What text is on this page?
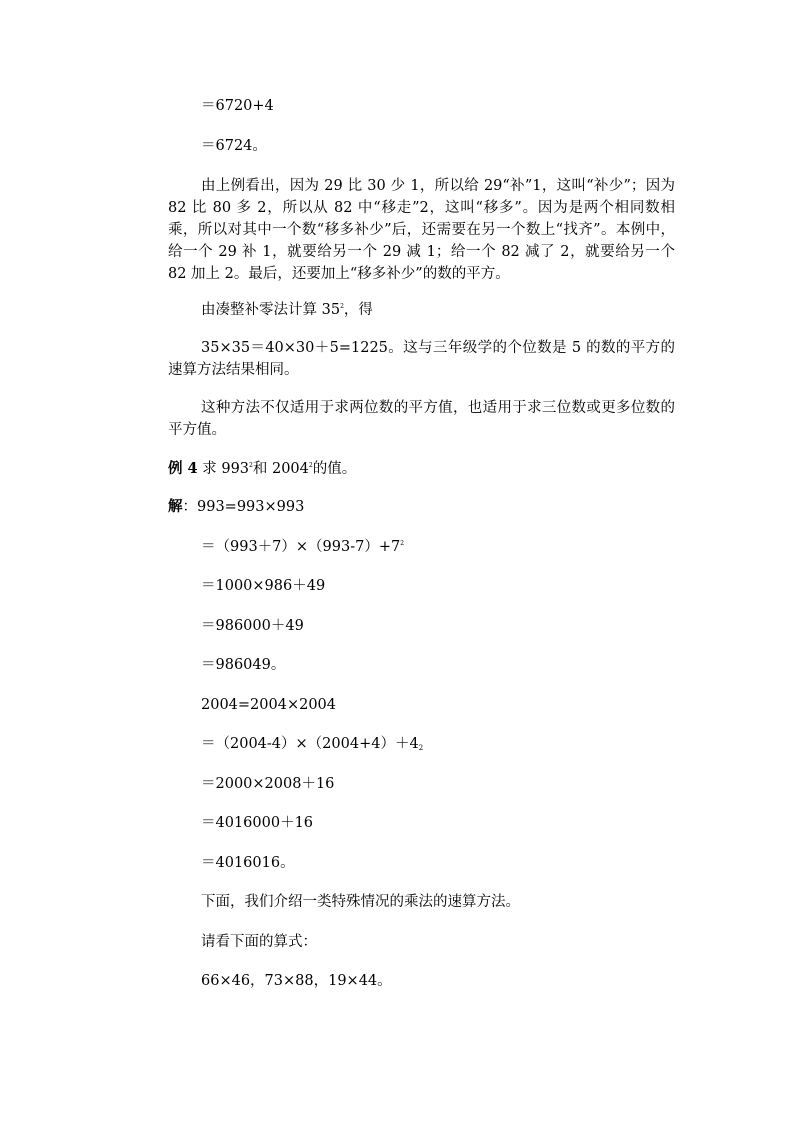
＝6720+4

＝6724。

由上例看出，因为 29 比 30 少 1，所以给 29“补”1，这叫“补少”；因为 82 比 80 多 2，所以从 82 中“移走”2，这叫“移多”。因为是两个相同数相乘，所以对其中一个数“移多补少”后，还需要在另一个数上“找齐”。本例中，给一个 29 补 1，就要给另一个 29 减 1；给一个 82 减了 2，就要给另一个 82 加上 2。最后，还要加上“移多补少”的数的平方。

由凑整补零法计算 $35^2$，得

35×35＝40×30＋5=1225。这与三年级学的个位数是 5 的数的平方的速算方法结果相同。

这种方法不仅适用于求两位数的平方值，也适用于求三位数或更多位数的平方值。

例 4 求 $993^2$和 2004$^2$的值。

解：993=993×993

$=(993+7)\times(993-7)+7^2$

＝1000×986＋49

＝986000＋49

＝986049。

2004=2004×2004

$=(2004-4)\times(2004+4)+4_2$

＝2000×2008＋16

＝4016000＋16

＝4016016。

下面，我们介绍一类特殊情况的乘法的速算方法。

请看下面的算式：

66×46，73×88，19×44。
